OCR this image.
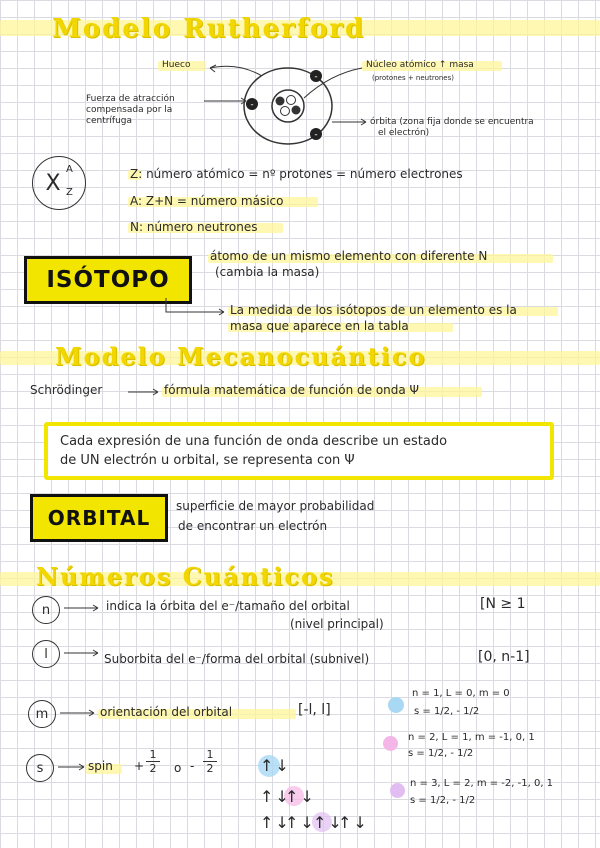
Modelo Rutherford
-
-
-
Hueco
Fuerza de atracción compensada por la centrífuga
Núcleo atómico ↑ masa
(protones + neutrones)
órbita (zona fija donde se encuentra
el electrón)
X
A
Z
Z: número atómico = nº protones = número electrones
A: Z+N = número másico
N: número neutrones
ISÓTOPO
átomo de un mismo elemento con diferente N
(cambia la masa)
La medida de los isótopos de un elemento es la
masa que aparece en la tabla
Modelo Mecanocuántico
Schrödinger	fórmula matemática de función de onda Ψ
Cada expresión de una función de onda describe un estado
de UN electrón u orbital, se representa con Ψ
ORBITAL	superficie de mayor probabilidad
de encontrar un electrón
Números Cuánticos
n	indica la órbita del e⁻/tamaño del orbital
(nivel principal)
[N ≥ 1
l	Suborbita del e⁻/forma del orbital (subnivel)	[0, n-1]
m	orientación del orbital	[-l, l]
s	spin +
1
2 o -
1
2	↑↓
↑↓
↑↓
↑↓
↑↓
↑↓
↑↓
n = 1, L = 0, m = 0
s = 1/2, - 1/2
n = 2, L = 1, m = -1, 0, 1
s = 1/2, - 1/2
n = 3, L = 2, m = -2, -1, 0, 1
s = 1/2, - 1/2
